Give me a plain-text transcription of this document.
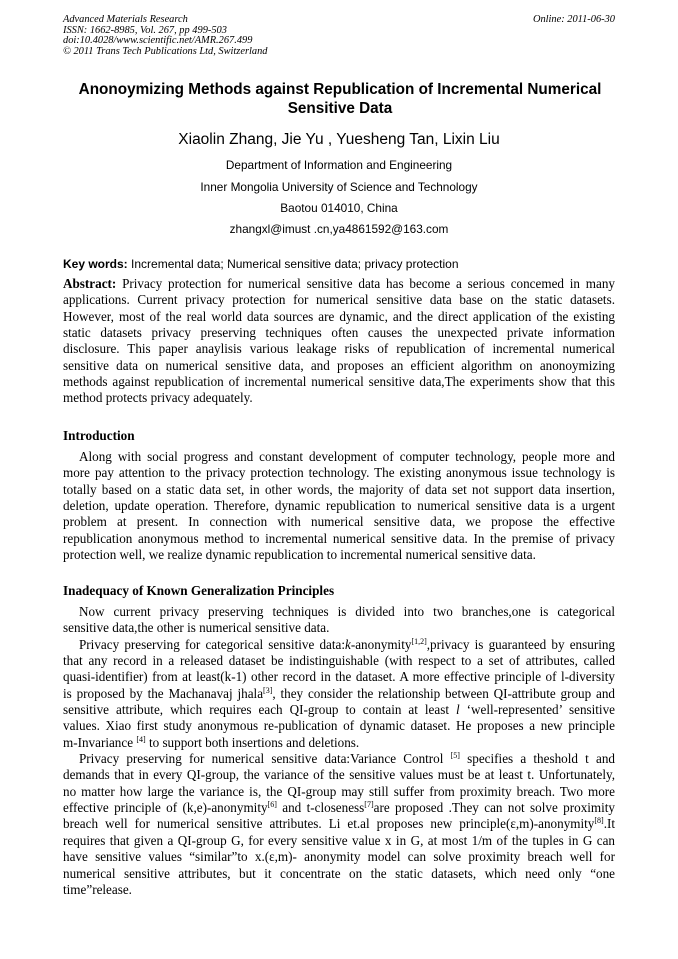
Advanced Materials Research
ISSN: 1662-8985, Vol. 267, pp 499-503
doi:10.4028/www.scientific.net/AMR.267.499
© 2011 Trans Tech Publications Ltd, Switzerland
Online: 2011-06-30
Anonoymizing Methods against Republication of Incremental Numerical
Sensitive Data
Xiaolin Zhang, Jie Yu , Yuesheng Tan, Lixin Liu
Department of Information and Engineering
Inner Mongolia University of Science and Technology
Baotou 014010, China
zhangxl@imust .cn,ya4861592@163.com
Key words: Incremental data; Numerical sensitive data; privacy protection
Abstract: Privacy protection for numerical sensitive data has become a serious concemed in many
applications. Current privacy protection for numerical sensitive data base on the static datasets.
However, most of the real world data sources are dynamic, and the direct application of the existing
static datasets privacy preserving techniques often causes the unexpected private information
disclosure. This paper anaylisis various leakage risks of republication of incremental numerical
sensitive data on numerical sensitive data, and proposes an efficient algorithm on anonoymizing
methods against republication of incremental numerical sensitive data,The experiments show that this
method protects privacy adequately.
Introduction
Along with social progress and constant development of computer technology, people more and
more pay attention to the privacy protection technology. The existing anonymous issue technology is
totally based on a static data set, in other words, the majority of data set not support data insertion,
deletion, update operation. Therefore, dynamic republication to numerical sensitive data is a urgent
problem at present. In connection with numerical sensitive data, we propose the effective
republication anonymous method to incremental numerical sensitive data. In the premise of privacy
protection well, we realize dynamic republication to incremental numerical sensitive data.
Inadequacy of Known Generalization Principles
Now current privacy preserving techniques is divided into two branches,one is categorical
sensitive data,the other is numerical sensitive data.
Privacy preserving for categorical sensitive data:k-anonymity[1,2],privacy is guaranteed by ensuring
that any record in a released dataset be indistinguishable (with respect to a set of attributes, called
quasi-identifier) from at least(k-1) other record in the dataset. A more effective principle of l-diversity
is proposed by the Machanavaj jhala[3], they consider the relationship between QI-attribute group and
sensitive attribute, which requires each QI-group to contain at least l ‘well-represented’ sensitive
values. Xiao first study anonymous re-publication of dynamic dataset. He proposes a new principle
m-Invariance [4] to support both insertions and deletions.
Privacy preserving for numerical sensitive data:Variance Control [5] specifies a theshold t and
demands that in every QI-group, the variance of the sensitive values must be at least t. Unfortunately,
no matter how large the variance is, the QI-group may still suffer from proximity breach. Two more
effective principle of (k,e)-anonymity[6] and t-closeness[7]are proposed .They can not solve proximity
breach well for numerical sensitive attributes. Li et.al proposes new principle(ε,m)-anonymity[8].It
requires that given a QI-group G, for every sensitive value x in G, at most 1/m of the tuples in G can
have sensitive values “similar”to x.(ε,m)- anonymity model can solve proximity breach well for
numerical sensitive attributes, but it concentrate on the static datasets, which need only “one
time”release.
